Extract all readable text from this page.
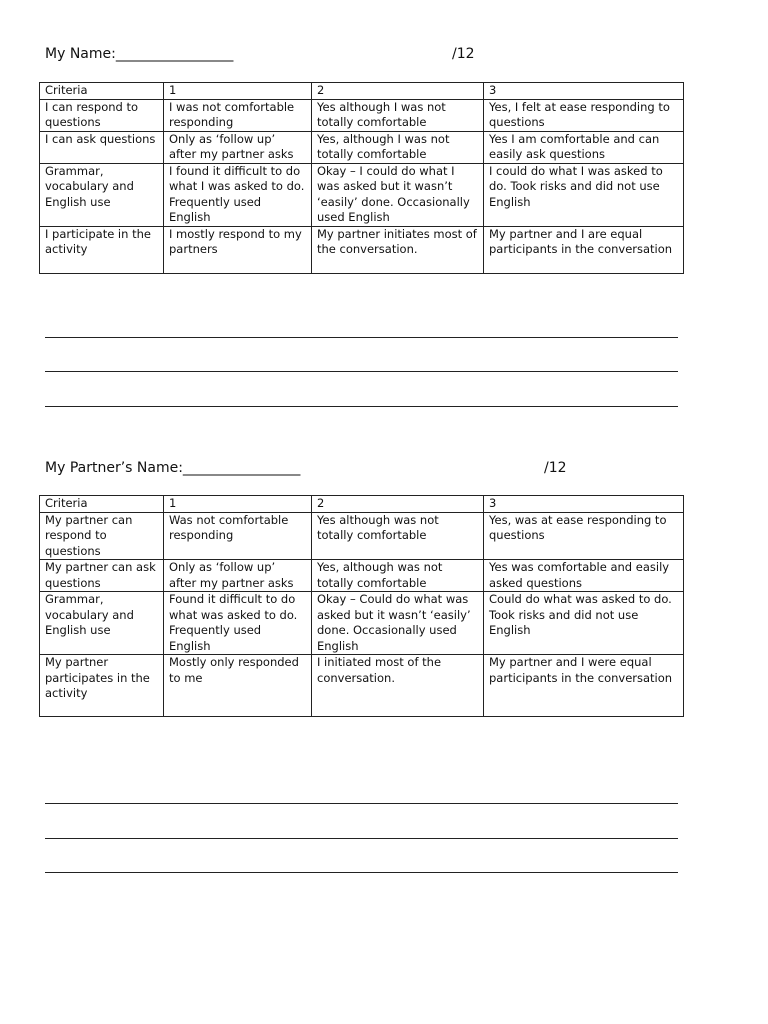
My Name:__________________	/12
Criteria	1	2	3
I can respond to questions	I was not comfortable responding	Yes although I was not totally comfortable	Yes, I felt at ease responding to questions
I can ask questions	Only as ‘follow up’ after my partner asks	Yes, although I was not totally comfortable	Yes I am comfortable and can easily ask questions
Grammar, vocabulary and English use	I found it difficult to do what I was asked to do. Frequently used English	Okay – I could do what I was asked but it wasn’t ‘easily’ done. Occasionally used English	I could do what I was asked to do. Took risks and did not use English
I participate in the activity	I mostly respond to my partners	My partner initiates most of the conversation.	My partner and I are equal participants in the conversation
My Partner’s Name:__________________	/12
Criteria	1	2	3
My partner can respond to questions	Was not comfortable responding	Yes although was not totally comfortable	Yes, was at ease responding to questions
My partner can ask questions	Only as ‘follow up’ after my partner asks	Yes, although was not totally comfortable	Yes was comfortable and easily asked questions
Grammar, vocabulary and English use	Found it difficult to do what was asked to do. Frequently used English	Okay – Could do what was asked but it wasn’t ‘easily’ done. Occasionally used English	Could do what was asked to do. Took risks and did not use English
My partner participates in the activity	Mostly only responded to me	I initiated most of the conversation.	My partner and I were equal participants in the conversation
